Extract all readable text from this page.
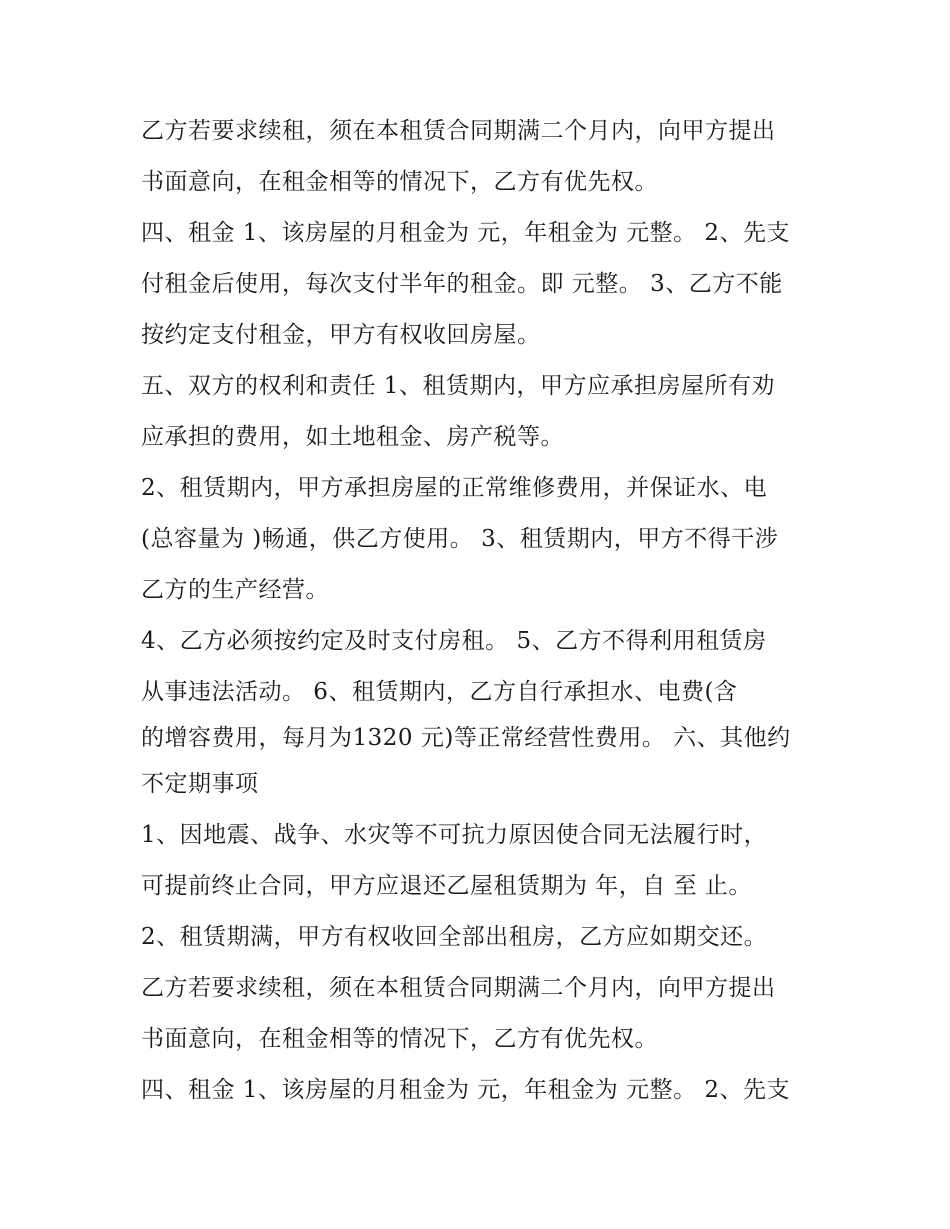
乙方若要求续租，须在本租赁合同期满二个月内，向甲方提出
书面意向，在租金相等的情况下，乙方有优先权。
四、租金 1、该房屋的月租金为 元，年租金为 元整。 2、先支
付租金后使用，每次支付半年的租金。即 元整。 3、乙方不能
按约定支付租金，甲方有权收回房屋。
五、双方的权利和责任 1、租赁期内，甲方应承担房屋所有劝
应承担的费用，如土地租金、房产税等。
2、租赁期内，甲方承担房屋的正常维修费用，并保证水、电
(总容量为 )畅通，供乙方使用。 3、租赁期内，甲方不得干涉
乙方的生产经营。
4、乙方必须按约定及时支付房租。 5、乙方不得利用租赁房
从事违法活动。 6、租赁期内，乙方自行承担水、电费(含
的增容费用，每月为1320 元)等正常经营性费用。 六、其他约
不定期事项
1、因地震、战争、水灾等不可抗力原因使合同无法履行时，
可提前终止合同，甲方应退还乙屋租赁期为 年，自 至 止。
2、租赁期满，甲方有权收回全部出租房，乙方应如期交还。
乙方若要求续租，须在本租赁合同期满二个月内，向甲方提出
书面意向，在租金相等的情况下，乙方有优先权。
四、租金 1、该房屋的月租金为 元，年租金为 元整。 2、先支
